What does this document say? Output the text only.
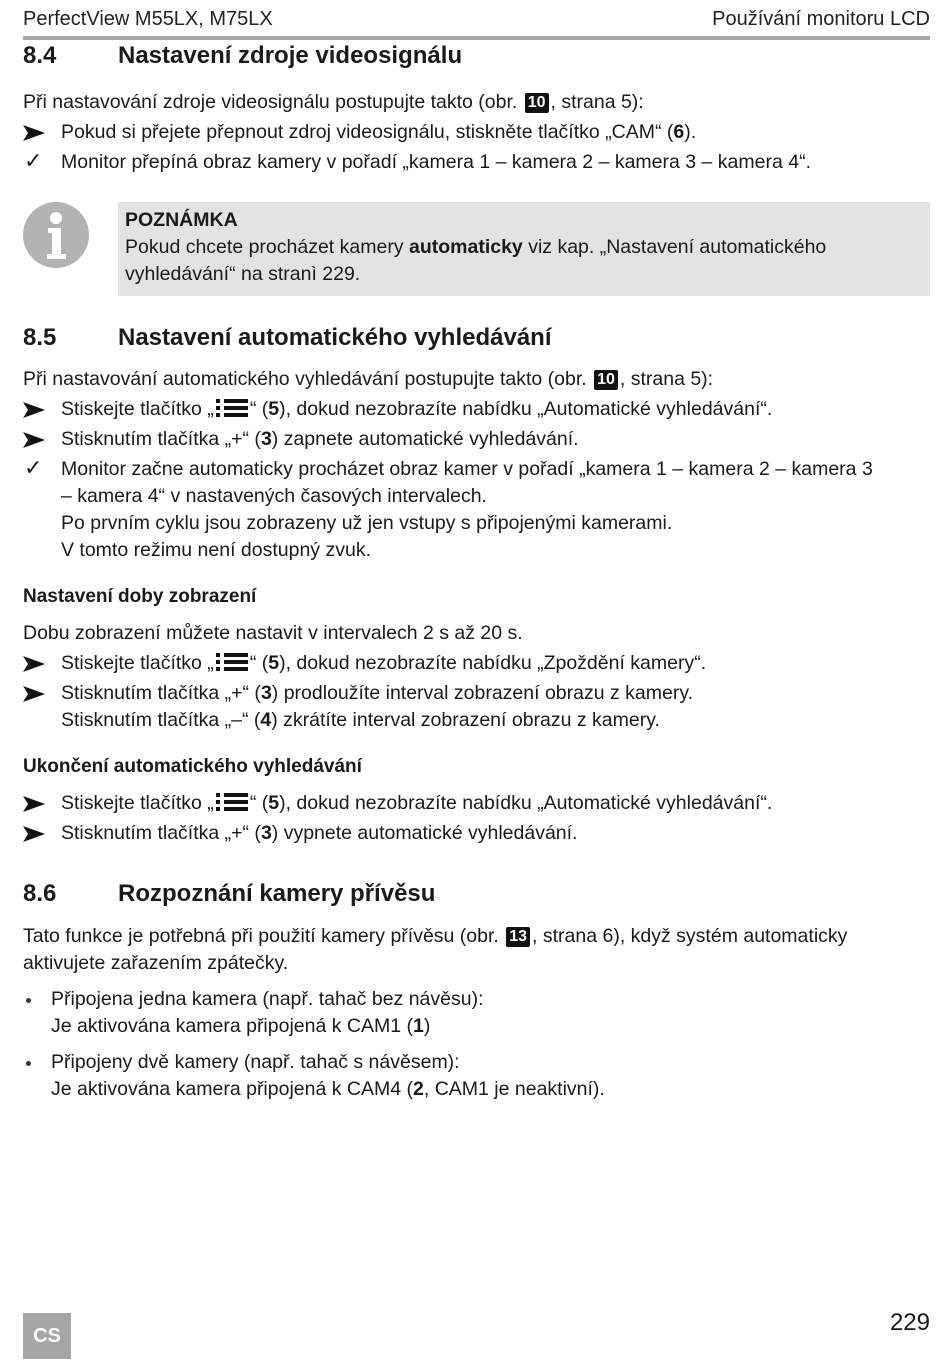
PerfectView M55LX, M75LX	Používání monitoru LCD
8.4	Nastavení zdroje videosignálu
Při nastavování zdroje videosignálu postupujte takto (obr. 10 , strana 5):
Pokud si přejete přepnout zdroj videosignálu, stiskněte tlačítko „CAM“ (6).
✓ Monitor přepíná obraz kamery v pořadí „kamera 1 – kamera 2 – kamera 3 – kamera 4“.
POZNÁMKA
Pokud chcete procházet kamery automaticky viz kap. „Nastavení automatického
vyhledávání“ na stranì 229.
8.5	Nastavení automatického vyhledávání
Při nastavování automatického vyhledávání postupujte takto (obr. 10 , strana 5):
Stiskejte tlačítko „ “ (5), dokud nezobrazíte nabídku „Automatické vyhledávání“.
Stisknutím tlačítka „+“ (3) zapnete automatické vyhledávání.
✓ Monitor začne automaticky procházet obraz kamer v pořadí „kamera 1 – kamera 2 – kamera 3
– kamera 4“ v nastavených časových intervalech.
Po prvním cyklu jsou zobrazeny už jen vstupy s připojenými kamerami.
V tomto režimu není dostupný zvuk.
Nastavení doby zobrazení
Dobu zobrazení můžete nastavit v intervalech 2 s až 20 s.
Stiskejte tlačítko „ “ (5), dokud nezobrazíte nabídku „Zpoždění kamery“.
Stisknutím tlačítka „+“ (3) prodloužíte interval zobrazení obrazu z kamery.
Stisknutím tlačítka „–“ (4) zkrátíte interval zobrazení obrazu z kamery.
Ukončení automatického vyhledávání
Stiskejte tlačítko „ “ (5), dokud nezobrazíte nabídku „Automatické vyhledávání“.
Stisknutím tlačítka „+“ (3) vypnete automatické vyhledávání.
8.6	Rozpoznání kamery přívěsu
Tato funkce je potřebná při použití kamery přívěsu (obr. 13 , strana 6), když systém automaticky
aktivujete zařazením zpátečky.
Připojena jedna kamera (např. tahač bez návěsu):
Je aktivována kamera připojená k CAM1 (1)
Připojeny dvě kamery (např. tahač s návěsem):
Je aktivována kamera připojená k CAM4 (2, CAM1 je neaktivní).
CS	229
